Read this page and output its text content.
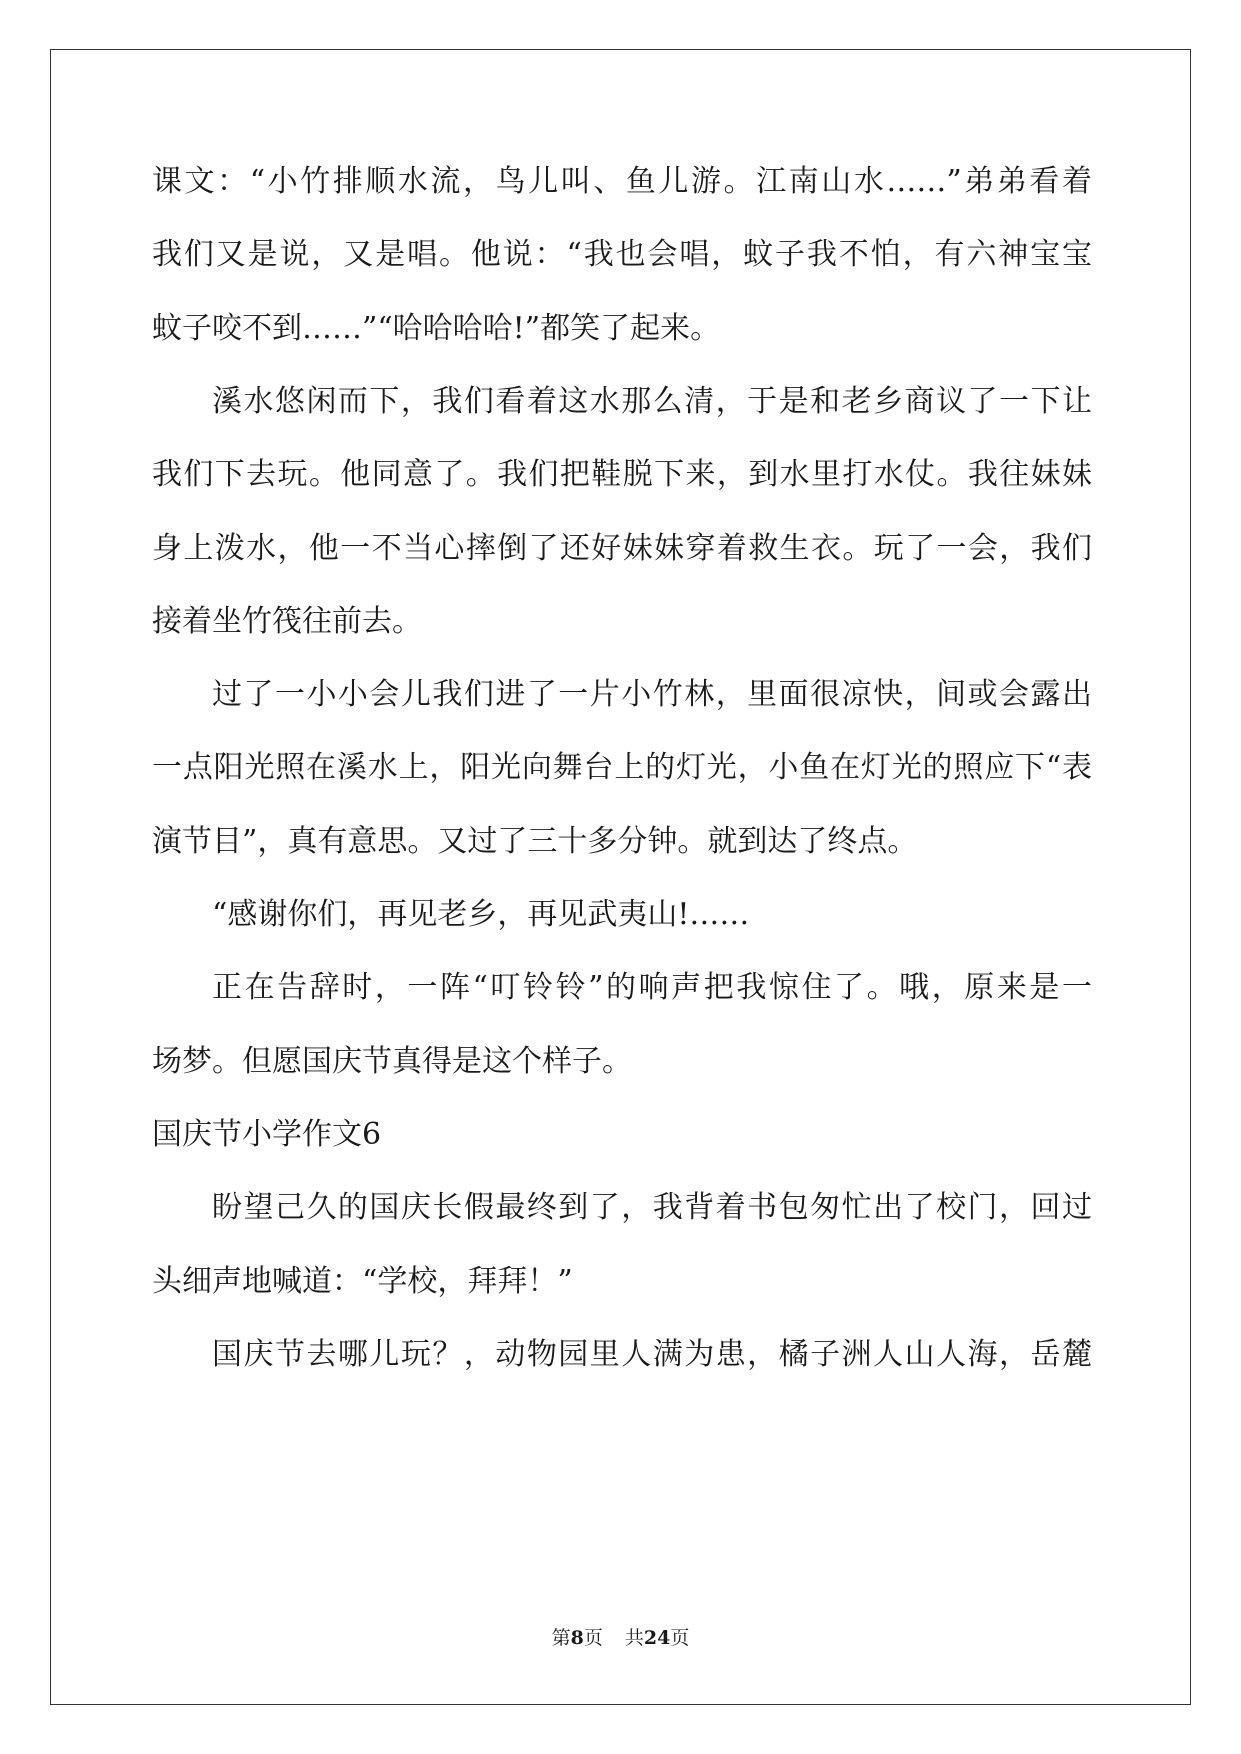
课文：“小竹排顺水流，鸟儿叫、鱼儿游。江南山水……”弟弟看着
我们又是说，又是唱。他说：“我也会唱，蚊子我不怕，有六神宝宝
蚊子咬不到……”“哈哈哈哈!”都笑了起来。
溪水悠闲而下，我们看着这水那么清，于是和老乡商议了一下让
我们下去玩。他同意了。我们把鞋脱下来，到水里打水仗。我往妹妹
身上泼水，他一不当心摔倒了还好妹妹穿着救生衣。玩了一会，我们
接着坐竹筏往前去。
过了一小小会儿我们进了一片小竹林，里面很凉快，间或会露出
一点阳光照在溪水上，阳光向舞台上的灯光，小鱼在灯光的照应下“表
演节目”，真有意思。又过了三十多分钟。就到达了终点。
“感谢你们，再见老乡，再见武夷山!……
正在告辞时，一阵“叮铃铃”的响声把我惊住了。哦，原来是一
场梦。但愿国庆节真得是这个样子。
国庆节小学作文6
盼望己久的国庆长假最终到了，我背着书包匆忙出了校门，回过
头细声地喊道：“学校，拜拜！”
国庆节去哪儿玩？，动物园里人满为患，橘子洲人山人海，岳麓
第8页 共24页
